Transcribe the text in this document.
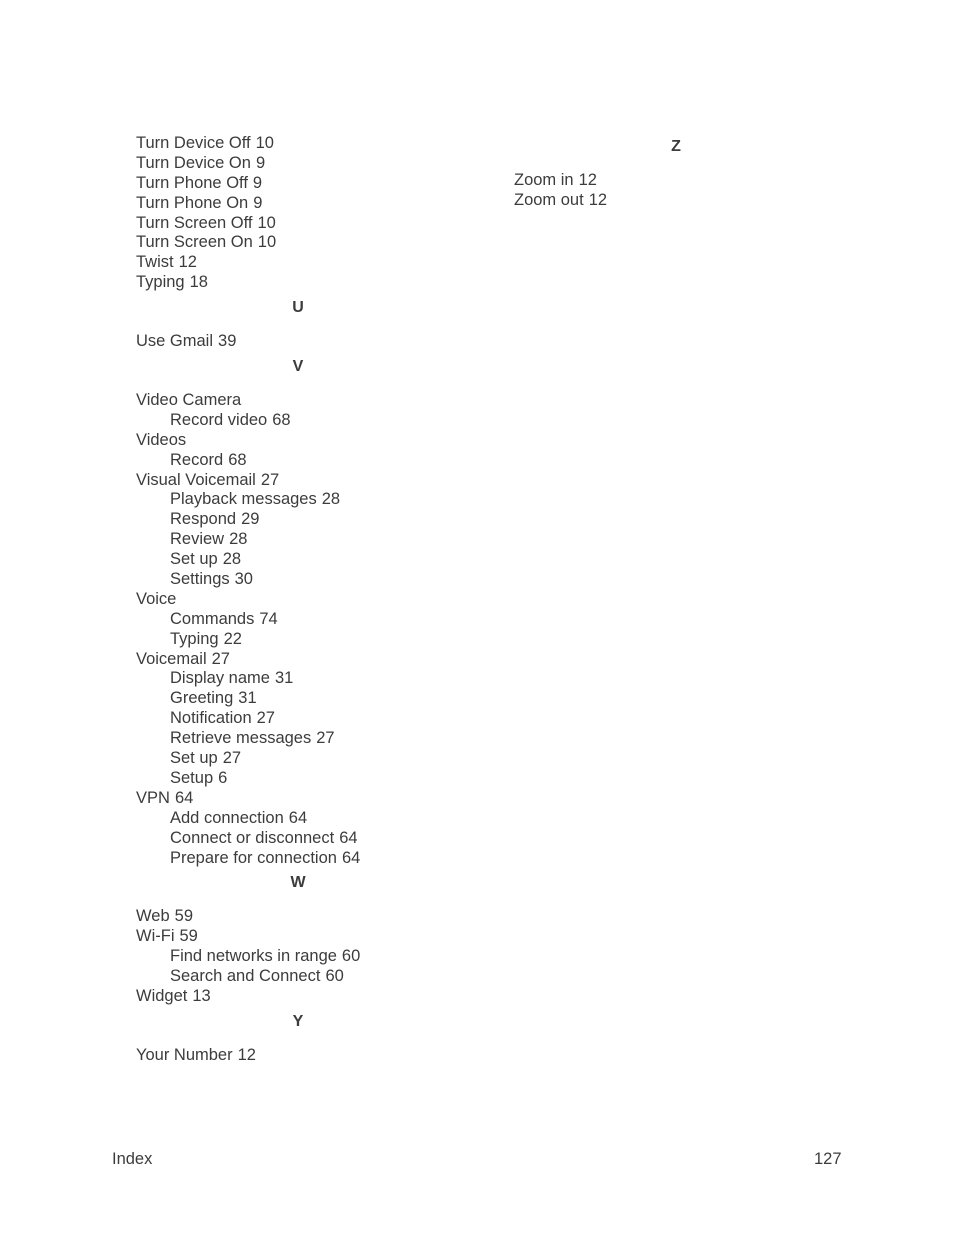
Turn Device Off 10
Turn Device On 9
Turn Phone Off 9
Turn Phone On 9
Turn Screen Off 10
Turn Screen On 10
Twist 12
Typing 18
U
Use Gmail 39
V
Video Camera
Record video 68
Videos
Record 68
Visual Voicemail 27
Playback messages 28
Respond 29
Review 28
Set up 28
Settings 30
Voice
Commands 74
Typing 22
Voicemail 27
Display name 31
Greeting 31
Notification 27
Retrieve messages 27
Set up 27
Setup 6
VPN 64
Add connection 64
Connect or disconnect 64
Prepare for connection 64
W
Web 59
Wi-Fi 59
Find networks in range 60
Search and Connect 60
Widget 13
Y
Your Number 12
Z
Zoom in 12
Zoom out 12
Index	127
